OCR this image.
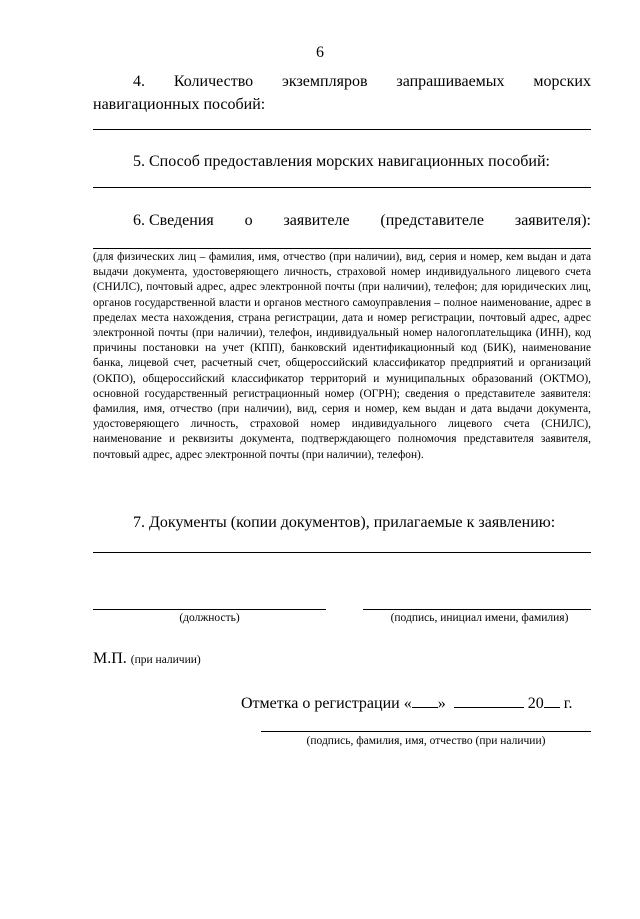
6
4. Количество экземпляров запрашиваемых морских навигационных пособий:
5. Способ предоставления морских навигационных пособий:
6. Сведения о заявителе (представителе заявителя):
(для физических лиц – фамилия, имя, отчество (при наличии), вид, серия и номер, кем выдан и дата выдачи документа, удостоверяющего личность, страховой номер индивидуального лицевого счета (СНИЛС), почтовый адрес, адрес электронной почты (при наличии), телефон; для юридических лиц, органов государственной власти и органов местного самоуправления – полное наименование, адрес в пределах места нахождения, страна регистрации, дата и номер регистрации, почтовый адрес, адрес электронной почты (при наличии), телефон, индивидуальный номер налогоплательщика (ИНН), код причины постановки на учет (КПП), банковский идентификационный код (БИК), наименование банка, лицевой счет, расчетный счет, общероссийский классификатор предприятий и организаций (ОКПО), общероссийский классификатор территорий и муниципальных образований (ОКТМО), основной государственный регистрационный номер (ОГРН); сведения о представителе заявителя: фамилия, имя, отчество (при наличии), вид, серия и номер, кем выдан и дата выдачи документа, удостоверяющего личность, страховой номер индивидуального лицевого счета (СНИЛС), наименование и реквизиты документа, подтверждающего полномочия представителя заявителя, почтовый адрес, адрес электронной почты (при наличии), телефон).
7. Документы (копии документов), прилагаемые к заявлению:
(должность)	(подпись, инициал имени, фамилия)
М.П. (при наличии)
Отметка о регистрации « »	20 г.
(подпись, фамилия, имя, отчество (при наличии)
